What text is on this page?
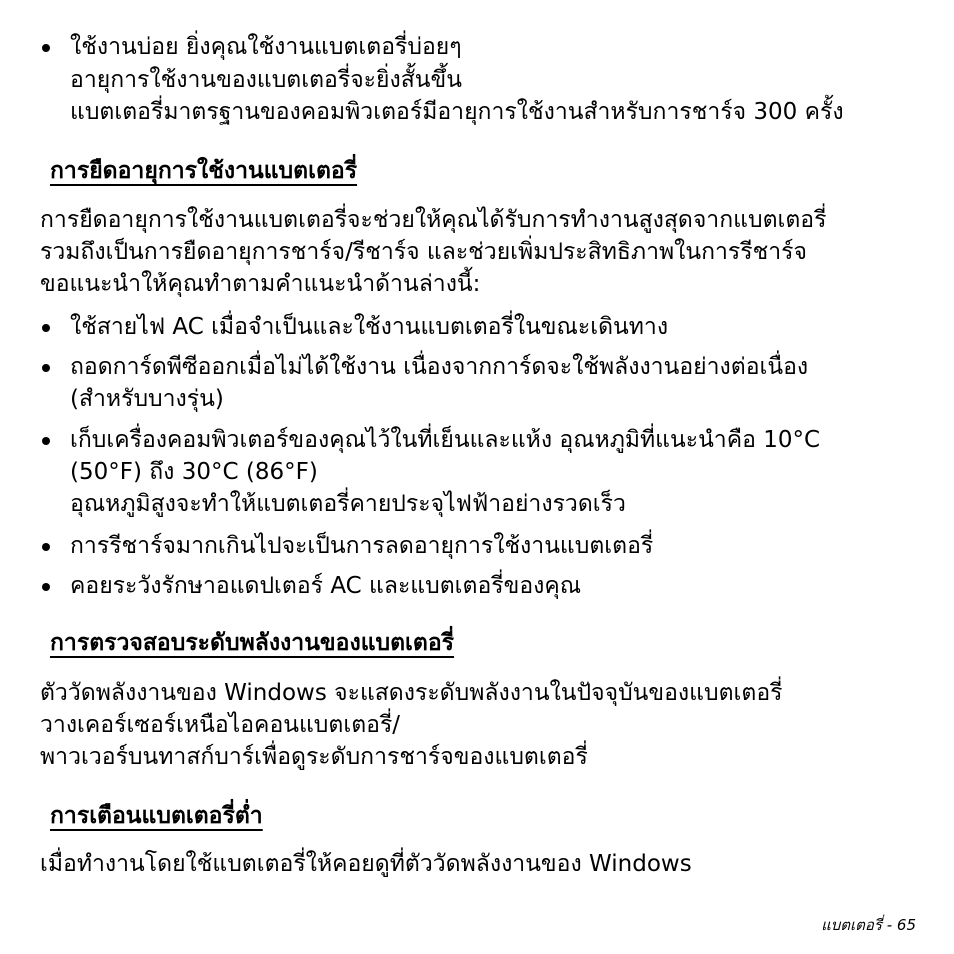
ใช้งานบ่อย ยิ่งคุณใช้งานแบตเตอรี่บ่อยๆ
อายุการใช้งานของแบตเตอรี่จะยิ่งสั้นขึ้น
แบตเตอรี่มาตรฐานของคอมพิวเตอร์มีอายุการใช้งานสำหรับการชาร์จ 300 ครั้ง
การยืดอายุการใช้งานแบตเตอรี่
การยืดอายุการใช้งานแบตเตอรี่จะช่วยให้คุณได้รับการทำงานสูงสุดจากแบตเตอรี่
รวมถึงเป็นการยืดอายุการชาร์จ/รีชาร์จ และช่วยเพิ่มประสิทธิภาพในการรีชาร์จ
ขอแนะนำให้คุณทำตามคำแนะนำด้านล่างนี้:
ใช้สายไฟ AC เมื่อจำเป็นและใช้งานแบตเตอรี่ในขณะเดินทาง
ถอดการ์ดพีซีออกเมื่อไม่ได้ใช้งาน เนื่องจากการ์ดจะใช้พลังงานอย่างต่อเนื่อง
(สำหรับบางรุ่น)
เก็บเครื่องคอมพิวเตอร์ของคุณไว้ในที่เย็นและแห้ง อุณหภูมิที่แนะนำคือ 10°C
(50°F) ถึง 30°C (86°F)
อุณหภูมิสูงจะทำให้แบตเตอรี่คายประจุไฟฟ้าอย่างรวดเร็ว
การรีชาร์จมากเกินไปจะเป็นการลดอายุการใช้งานแบตเตอรี่
คอยระวังรักษาอแดปเตอร์ AC และแบตเตอรี่ของคุณ
การตรวจสอบระดับพลังงานของแบตเตอรี่
ตัววัดพลังงานของ Windows จะแสดงระดับพลังงานในปัจจุบันของแบตเตอรี่
วางเคอร์เซอร์เหนือไอคอนแบตเตอรี่/
พาวเวอร์บนทาสก์บาร์เพื่อดูระดับการชาร์จของแบตเตอรี่
การเตือนแบตเตอรี่ต่ำ
เมื่อทำงานโดยใช้แบตเตอรี่ให้คอยดูที่ตัววัดพลังงานของ Windows
แบตเตอรี่ - 65
